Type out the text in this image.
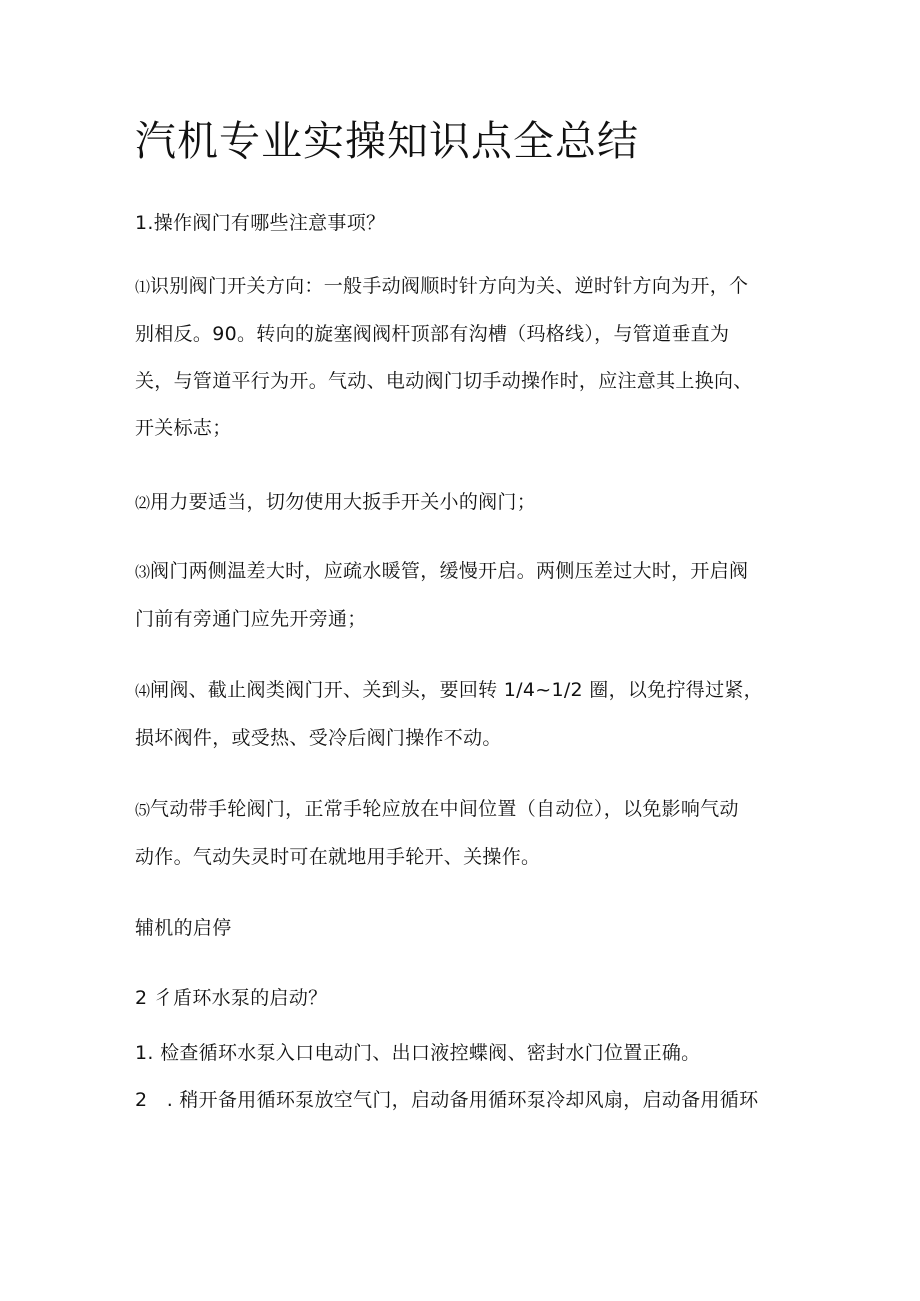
汽机专业实操知识点全总结

1.操作阀门有哪些注意事项？

⑴识别阀门开关方向：一般手动阀顺时针方向为关、逆时针方向为开，个
别相反。90。转向的旋塞阀阀杆顶部有沟槽（玛格线），与管道垂直为
关，与管道平行为开。气动、电动阀门切手动操作时，应注意其上换向、
开关标志；
⑵用力要适当，切勿使用大扳手开关小的阀门；
⑶阀门两侧温差大时，应疏水暖管，缓慢开启。两侧压差过大时，开启阀
门前有旁通门应先开旁通；
⑷闸阀、截止阀类阀门开、关到头，要回转 1/4~1/2 圈，以免拧得过紧，
损坏阀件，或受热、受冷后阀门操作不动。
⑸气动带手轮阀门，正常手轮应放在中间位置（自动位），以免影响气动
动作。气动失灵时可在就地用手轮开、关操作。

辅机的启停

2 彳盾环水泵的启动？

1. 检查循环水泵入口电动门、出口液控蝶阀、密封水门位置正确。
2　. 稍开备用循环泵放空气门，启动备用循环泵冷却风扇，启动备用循环
